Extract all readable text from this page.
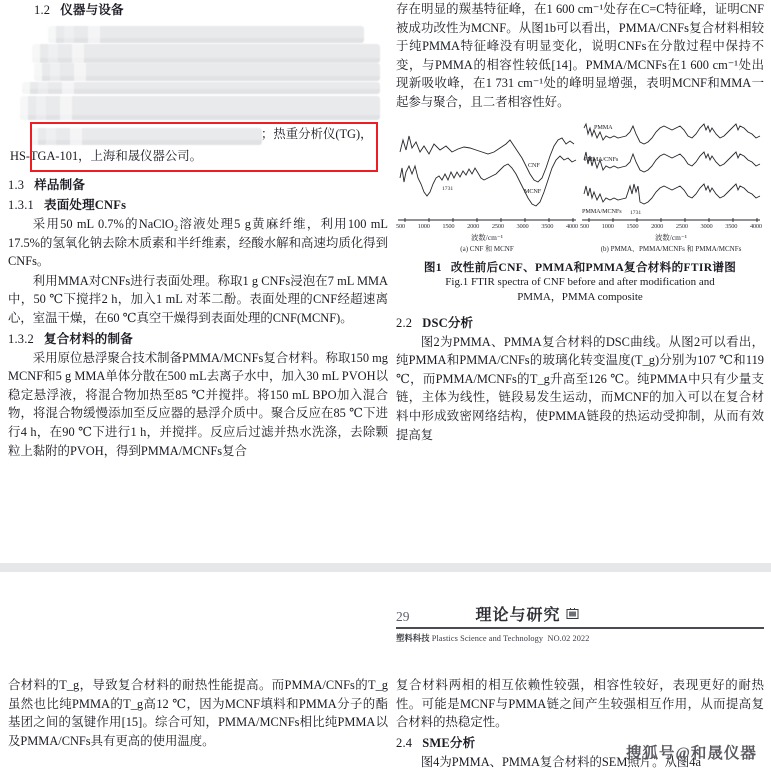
1.2 仪器与设备
；热重分析仪(TG)，
HS-TGA-101，上海和晟仪器公司。
1.3 样品制备
1.3.1 表面处理CNFs

采用50 mL 0.7%的NaClO₂溶液处理5 g黄麻纤维，利用100 mL 17.5%的氢氧化钠去除木质素和半纤维素，经酸水解和高速均质化得到CNFs。

利用MMA对CNFs进行表面处理。称取1 g CNFs浸泡在7 mL MMA中，50 ℃下搅拌2 h，加入1 mL 对苯二酚。表面处理的CNF经超速离心，室温干燥，在60 ℃真空干燥得到表面处理的CNF(MCNF)。

1.3.2 复合材料的制备

采用原位悬浮聚合技术制备PMMA/MCNFs复合材料。称取150 mg MCNF和5 g MMA单体分散在500 mL去离子水中，加入30 mL PVOH以稳定悬浮液，将混合物加热至85 ℃并搅拌。将150 mL BPO加入混合物，将混合物缓慢添加至反应器的悬浮介质中。聚合反应在85 ℃下进行4 h，在90 ℃下进行1 h，并搅拌。反应后过滤并热水洗涤，去除颗粒上黏附的PVOH，得到PMMA/MCNFs复合

存在明显的羰基特征峰，在1 600 cm⁻¹处存在C=C特征峰，证明CNF被成功改性为MCNF。从图1b可以看出，PMMA/CNFs复合材料相较于纯PMMA特征峰没有明显变化，说明CNFs在分散过程中保持不变，与PMMA的相容性较低[14]。PMMA/MCNFs在1 600 cm⁻¹处出现新吸收峰，在1 731 cm⁻¹处的峰明显增强，表明MCNF和MMA一起参与聚合，且二者相容性好。

CNF
MCNF
1731
500 1000 1500 2000 2500 3000 3500 4000
波数/cm⁻¹
(a) CNF 和 MCNF
PMMA
PMMA/CNFs
PMMA/MCNFs 1731
500 1000 1500 2000 2500 3000 3500 4000
波数/cm⁻¹
(b) PMMA、PMMA/MCNFs 和 PMMA/MCNFs
图1 改性前后CNF、PMMA和PMMA复合材料的FTIR谱图
Fig.1 FTIR spectra of CNF before and after modification and
PMMA，PMMA composite
2.2 DSC分析

图2为PMMA、PMMA复合材料的DSC曲线。从图2可以看出，纯PMMA和PMMA/CNFs的玻璃化转变温度(T_g)分别为107 ℃和119 ℃，而PMMA/MCNFs的T_g升高至126 ℃。纯PMMA中只有少量支链，主体为线性，链段易发生运动，而MCNF的加入可以在复合材料中形成致密网络结构，使PMMA链段的热运动受抑制，从而有效提高复

29	理论与研究
塑料科技 Plastics Science and Technology NO.02 2022

合材料的T_g，导致复合材料的耐热性能提高。而PMMA/CNFs的T_g虽然也比纯PMMA的T_g高12 ℃，因为MCNF填料和PMMA分子的酯基团之间的氢键作用[15]。综合可知，PMMA/MCNFs相比纯PMMA以及PMMA/CNFs具有更高的使用温度。

复合材料两相的相互依赖性较强，相容性较好，表现更好的耐热性。可能是MCNF与PMMA链之间产生较强相互作用，从而提高复合材料的热稳定性。

2.4 SME分析

图4为PMMA、PMMA复合材料的SEM照片。从图4a

搜狐号@和晟仪器
